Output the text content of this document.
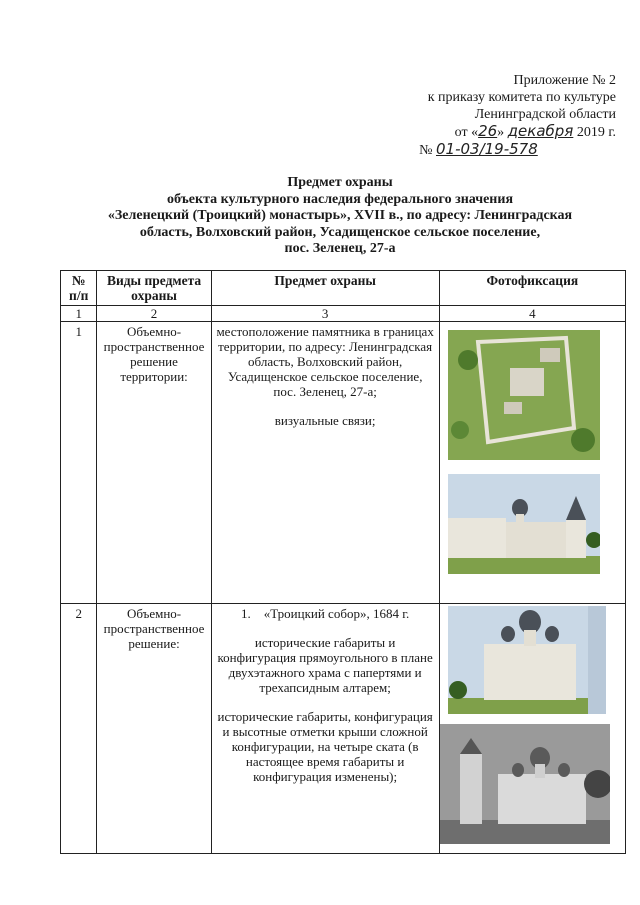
Приложение № 2
к приказу комитета по культуре
Ленинградской области
от «26» декабря 2019 г.
№ 01-03/19-578
Предмет охраны
объекта культурного наследия федерального значения
«Зеленецкий (Троицкий) монастырь», XVII в., по адресу: Ленинградская
область, Волховский район, Усадищенское сельское поселение,
пос. Зеленец, 27-а
№ п/п	Виды предмета охраны	Предмет охраны	Фотофиксация
1	2	3	4
1	Объемно-пространственное решение территории:	местоположение памятника в границах территории, по адресу: Ленинградская область, Волховский район, Усадищенское сельское поселение, пос. Зеленец, 27-а;
визуальные связи;	

2	Объемно-пространственное решение:	1. «Троицкий собор», 1684 г.
исторические габариты и конфигурация прямоугольного в плане двухэтажного храма с папертями и трехапсидным алтарем;
исторические габариты, конфигурация и высотные отметки крыши сложной конфигурации, на четыре ската (в настоящее время габариты и конфигурация изменены);	
